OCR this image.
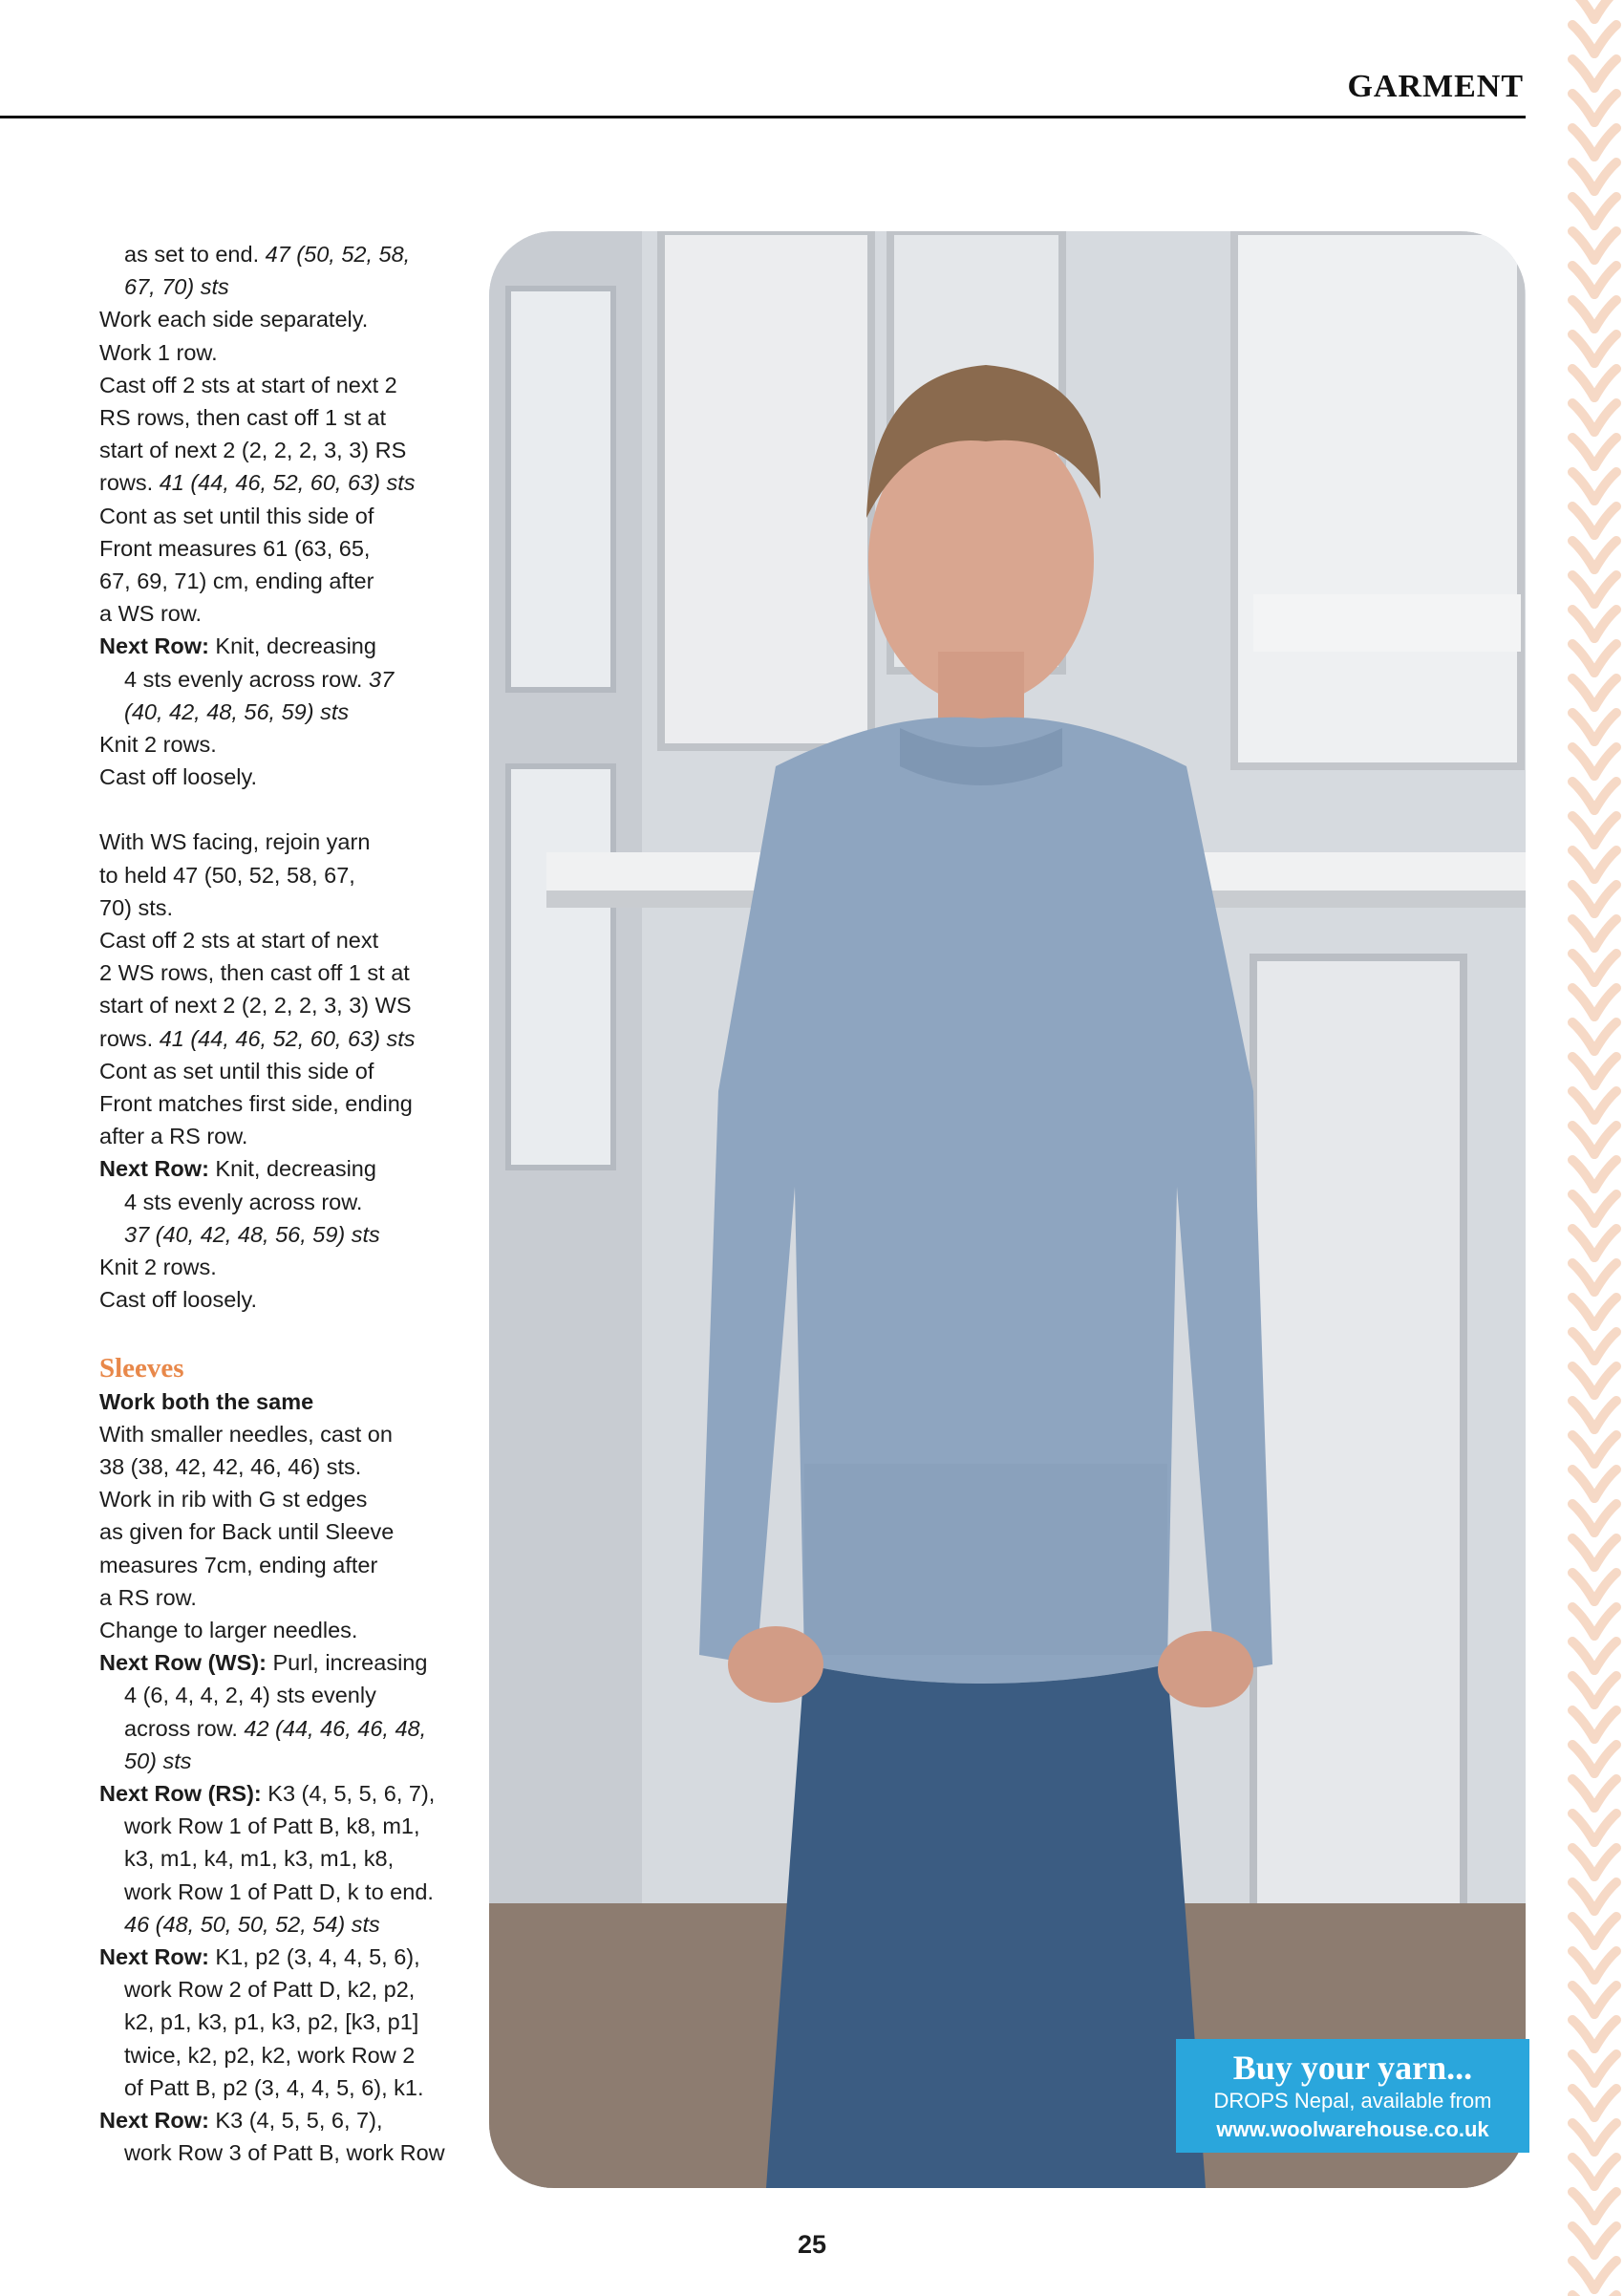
GARMENT

as set to end. 47 (50, 52, 58,

67, 70) sts

Work each side separately.

Work 1 row.

Cast off 2 sts at start of next 2

RS rows, then cast off 1 st at

start of next 2 (2, 2, 2, 3, 3) RS

rows. 41 (44, 46, 52, 60, 63) sts

Cont as set until this side of

Front measures 61 (63, 65,

67, 69, 71) cm, ending after

a WS row.

Next Row: Knit, decreasing

4 sts evenly across row. 37

(40, 42, 48, 56, 59) sts

Knit 2 rows.

Cast off loosely.

With WS facing, rejoin yarn

to held 47 (50, 52, 58, 67,

70) sts.

Cast off 2 sts at start of next

2 WS rows, then cast off 1 st at

start of next 2 (2, 2, 2, 3, 3) WS

rows. 41 (44, 46, 52, 60, 63) sts

Cont as set until this side of

Front matches first side, ending

after a RS row.

Next Row: Knit, decreasing

4 sts evenly across row.

37 (40, 42, 48, 56, 59) sts

Knit 2 rows.

Cast off loosely.

Sleeves

Work both the same

With smaller needles, cast on

38 (38, 42, 42, 46, 46) sts.

Work in rib with G st edges

as given for Back until Sleeve

measures 7cm, ending after

a RS row.

Change to larger needles.

Next Row (WS): Purl, increasing

4 (6, 4, 4, 2, 4) sts evenly

across row. 42 (44, 46, 46, 48,

50) sts

Next Row (RS): K3 (4, 5, 5, 6, 7),

work Row 1 of Patt B, k8, m1,

k3, m1, k4, m1, k3, m1, k8,

work Row 1 of Patt D, k to end.

46 (48, 50, 50, 52, 54) sts

Next Row: K1, p2 (3, 4, 4, 5, 6),

work Row 2 of Patt D, k2, p2,

k2, p1, k3, p1, k3, p2, [k3, p1]

twice, k2, p2, k2, work Row 2

of Patt B, p2 (3, 4, 4, 5, 6), k1.

Next Row: K3 (4, 5, 5, 6, 7),

work Row 3 of Patt B, work Row

Buy your yarn...
DROPS Nepal, available from
www.woolwarehouse.co.uk
25
